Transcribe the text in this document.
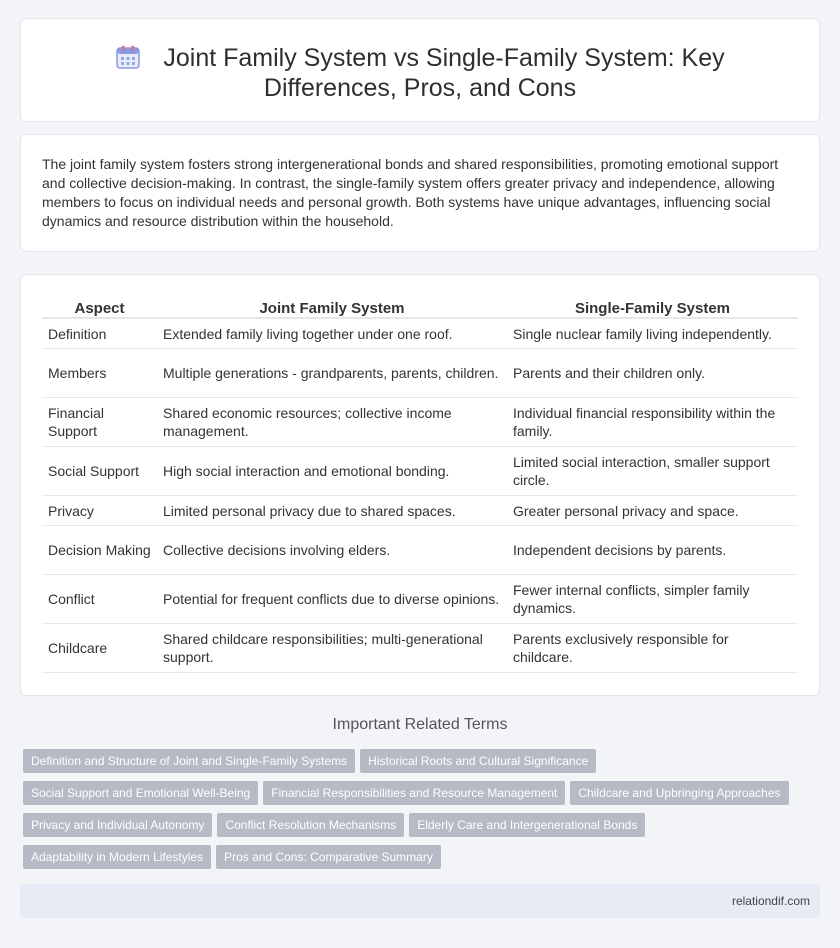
Joint Family System vs Single-Family System: Key Differences, Pros, and Cons

The joint family system fosters strong intergenerational bonds and shared responsibilities, promoting emotional support and collective decision-making. In contrast, the single-family system offers greater privacy and independence, allowing members to focus on individual needs and personal growth. Both systems have unique advantages, influencing social dynamics and resource distribution within the household.

Aspect	Joint Family System	Single-Family System
Definition	Extended family living together under one roof.	Single nuclear family living independently.
Members	Multiple generations - grandparents, parents, children.	Parents and their children only.
Financial Support	Shared economic resources; collective income management.	Individual financial responsibility within the family.
Social Support	High social interaction and emotional bonding.	Limited social interaction, smaller support circle.
Privacy	Limited personal privacy due to shared spaces.	Greater personal privacy and space.
Decision Making	Collective decisions involving elders.	Independent decisions by parents.
Conflict	Potential for frequent conflicts due to diverse opinions.	Fewer internal conflicts, simpler family dynamics.
Childcare	Shared childcare responsibilities; multi-generational support.	Parents exclusively responsible for childcare.
Important Related Terms
Definition and Structure of Joint and Single-Family Systems Historical Roots and Cultural Significance
Social Support and Emotional Well-Being Financial Responsibilities and Resource Management Childcare and Upbringing Approaches
Privacy and Individual Autonomy Conflict Resolution Mechanisms Elderly Care and Intergenerational Bonds
Adaptability in Modern Lifestyles Pros and Cons: Comparative Summary
relationdif.com
